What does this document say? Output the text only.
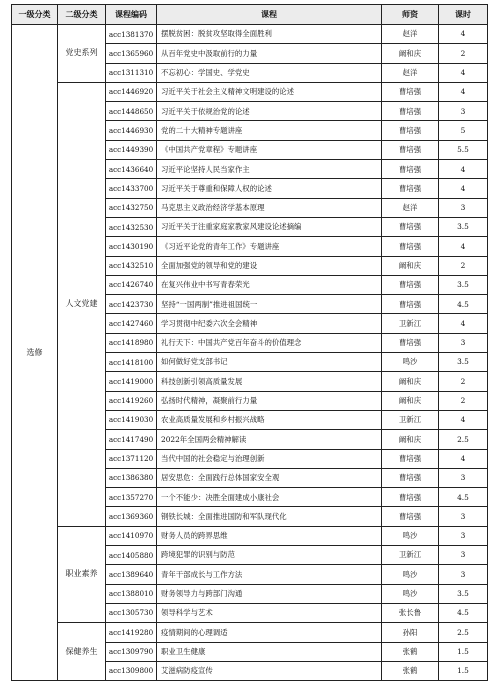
一级分类	二级分类	课程编码	课程	师资	课时
选修	党史系列	acc1381370	摆脱贫困：脱贫攻坚取得全面胜利	赵洋	4
		acc1365960	从百年党史中汲取前行的力量	阚和庆	2
		acc1311310	不忘初心：学国史、学党史	赵洋	4
	人文党建	acc1446920	习近平关于社会主义精神文明建设的论述	曹培强	4
		acc1448650	习近平关于依规治党的论述	曹培强	3
		acc1446930	党的二十大精神专题讲座	曹培强	5
		acc1449390	《中国共产党章程》专题讲座	曹培强	5.5
		acc1436640	习近平论坚持人民当家作主	曹培强	4
		acc1433700	习近平关于尊重和保障人权的论述	曹培强	4
		acc1432750	马克思主义政治经济学基本原理	赵洋	3
		acc1432530	习近平关于注重家庭家教家风建设论述摘编	曹培强	3.5
		acc1430190	《习近平论党的青年工作》专题讲座	曹培强	4
		acc1432510	全面加强党的领导和党的建设	阚和庆	2
		acc1426740	在复兴伟业中书写青春荣光	曹培强	3.5
		acc1423730	坚持“一国两制”推进祖国统一	曹培强	4.5
		acc1427460	学习贯彻中纪委六次全会精神	卫新江	4
		acc1418980	礼行天下：中国共产党百年奋斗的价值理念	曹培强	3
		acc1418100	如何做好党支部书记	鸣沙	3.5
		acc1419000	科技创新引领高质量发展	阚和庆	2
		acc1419260	弘扬时代精神，凝聚前行力量	阚和庆	2
		acc1419030	农业高质量发展和乡村振兴战略	卫新江	4
		acc1417490	2022年全国两会精神解读	阚和庆	2.5
		acc1371120	当代中国的社会稳定与治理创新	曹培强	4
		acc1386380	居安思危：全面践行总体国家安全观	曹培强	3
		acc1357270	一个不能少：决胜全面建成小康社会	曹培强	4.5
		acc1369360	钢铁长城：全面推进国防和军队现代化	曹培强	3
	职业素养	acc1410970	财务人员的跨界思维	鸣沙	3
		acc1405880	跨境犯罪的识别与防范	卫新江	3
		acc1389640	青年干部成长与工作方法	鸣沙	3
		acc1388010	财务领导力与跨部门沟通	鸣沙	3.5
		acc1305730	领导科学与艺术	张长鲁	4.5
	保健养生	acc1419280	疫情期间的心理调适	孙阳	2.5
		acc1309790	职业卫生健康	张鹤	1.5
		acc1309800	艾滋病防疫宣传	张鹤	1.5
